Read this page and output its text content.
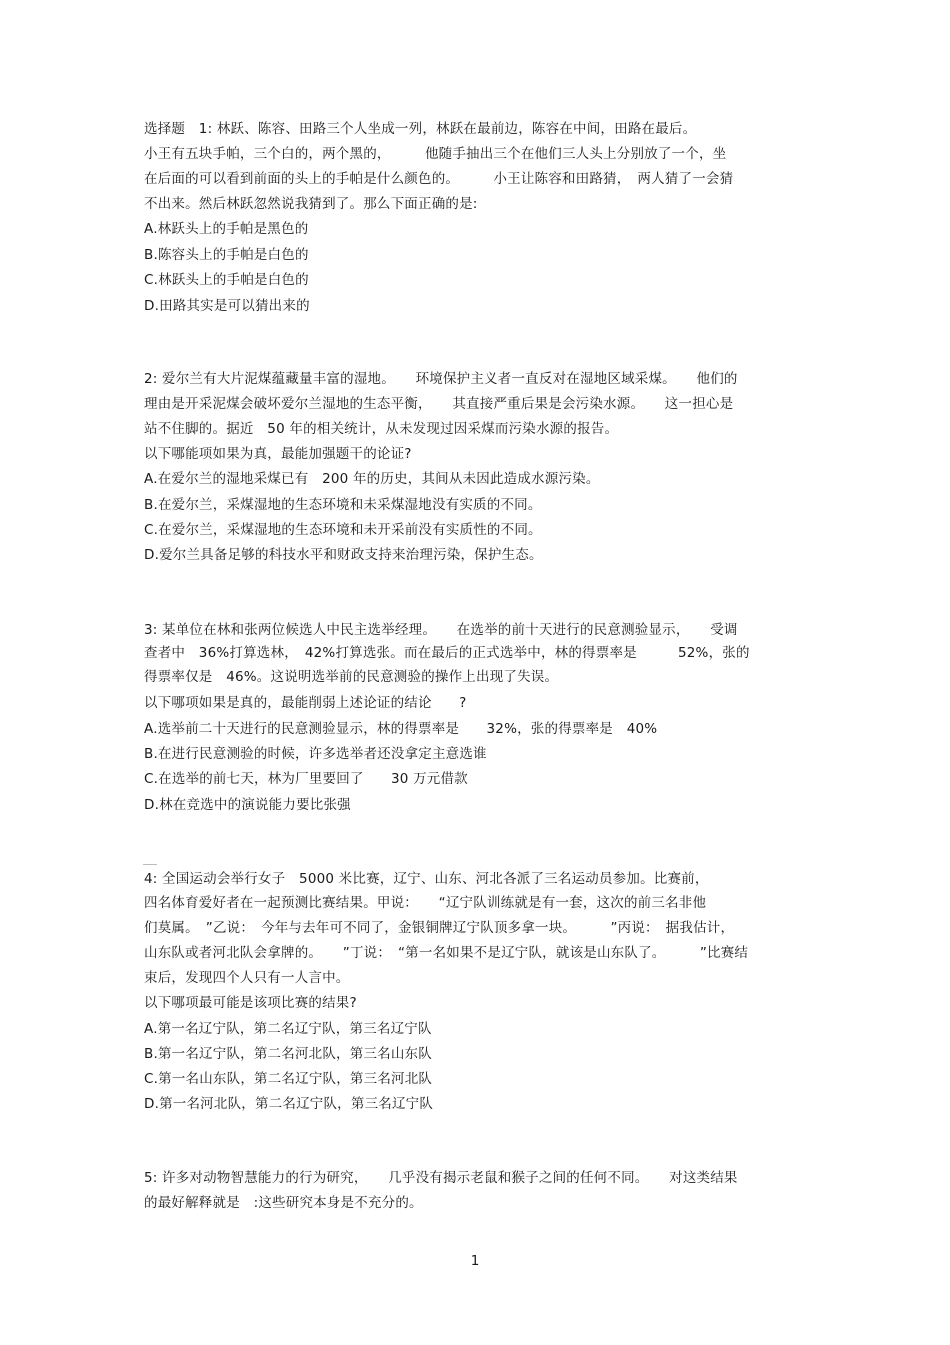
选择题　1: 林跃、陈容、田路三个人坐成一列，林跃在最前边，陈容在中间，田路在最后。
小王有五块手帕，三个白的，两个黑的，　　　他随手抽出三个在他们三人头上分别放了一个，坐
在后面的可以看到前面的头上的手帕是什么颜色的。　　　小王让陈容和田路猜，　两人猜了一会猜
不出来。然后林跃忽然说我猜到了。那么下面正确的是:
A.林跃头上的手帕是黑色的
B.陈容头上的手帕是白色的
C.林跃头上的手帕是白色的
D.田路其实是可以猜出来的
2: 爱尔兰有大片泥煤蕴藏量丰富的湿地。　　环境保护主义者一直反对在湿地区域采煤。　　他们的
理由是开采泥煤会破坏爱尔兰湿地的生态平衡，　　其直接严重后果是会污染水源。　　这一担心是
站不住脚的。据近　50 年的相关统计，从未发现过因采煤而污染水源的报告。
以下哪能项如果为真，最能加强题干的论证?
A.在爱尔兰的湿地采煤已有　200 年的历史，其间从未因此造成水源污染。
B.在爱尔兰，采煤湿地的生态环境和未采煤湿地没有实质的不同。
C.在爱尔兰，采煤湿地的生态环境和未开采前没有实质性的不同。
D.爱尔兰具备足够的科技水平和财政支持来治理污染，保护生态。
3: 某单位在林和张两位候选人中民主选举经理。　　在选举的前十天进行的民意测验显示，　　受调
查者中　36%打算选林，　42%打算选张。而在最后的正式选举中，林的得票率是　　　52%，张的
得票率仅是　46%。这说明选举前的民意测验的操作上出现了失误。
以下哪项如果是真的，最能削弱上述论证的结论　　?
A.选举前二十天进行的民意测验显示，林的得票率是　　32%，张的得票率是　40%
B.在进行民意测验的时候，许多选举者还没拿定主意选谁
C.在选举的前七天，林为厂里要回了　　30 万元借款
D.林在竞选中的演说能力要比张强
4: 全国运动会举行女子　5000 米比赛，辽宁、山东、河北各派了三名运动员参加。比赛前，
四名体育爱好者在一起预测比赛结果。甲说：　　“辽宁队训练就是有一套，这次的前三名非他
们莫属。　”乙说：　今年与去年可不同了，金银铜牌辽宁队顶多拿一块。　　　”丙说：　据我估计，
山东队或者河北队会拿牌的。　　”丁说：　“第一名如果不是辽宁队，就该是山东队了。　　　”比赛结
束后，发现四个人只有一人言中。
以下哪项最可能是该项比赛的结果?
A.第一名辽宁队，第二名辽宁队，第三名辽宁队
B.第一名辽宁队，第二名河北队，第三名山东队
C.第一名山东队，第二名辽宁队，第三名河北队
D.第一名河北队，第二名辽宁队，第三名辽宁队
5: 许多对动物智慧能力的行为研究，　　几乎没有揭示老鼠和猴子之间的任何不同。　　对这类结果
的最好解释就是　:这些研究本身是不充分的。
1
